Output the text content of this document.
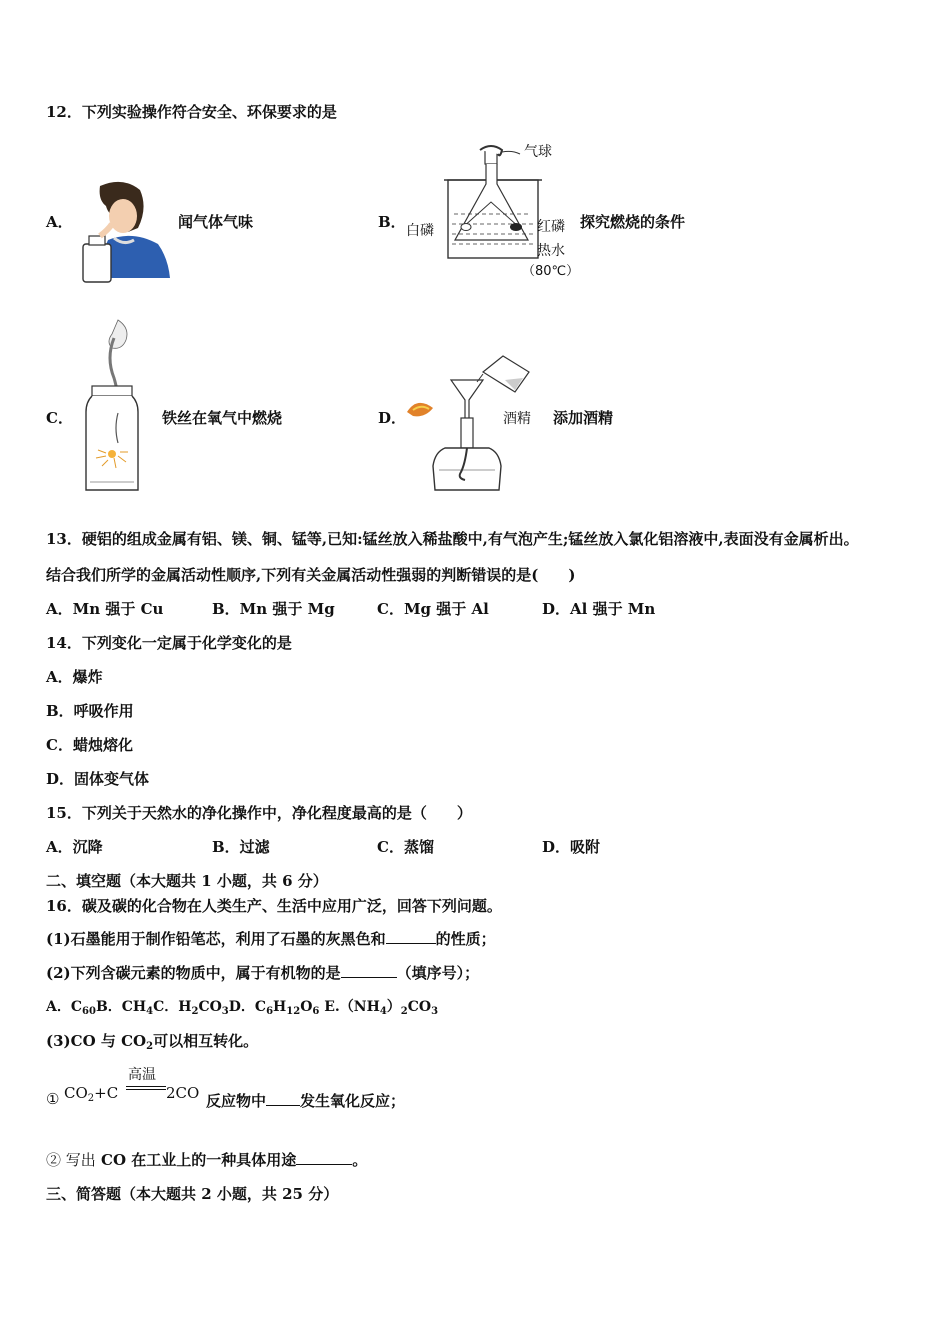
12．下列实验操作符合安全、环保要求的是
A．	闻气体气味	B．
气球
白磷	红磷
热水
（80℃）
探究燃烧的条件
C．	铁丝在氧气中燃烧	D．	酒精 添加酒精
13．硬铝的组成金属有铝、镁、铜、锰等,已知:锰丝放入稀盐酸中,有气泡产生;锰丝放入氯化铝溶液中,表面没有金属析出。
结合我们所学的金属活动性顺序,下列有关金属活动性强弱的判断错误的是(　　)
A．Mn 强于 Cu	B．Mn 强于 Mg	C．Mg 强于 Al	D．Al 强于 Mn
14．下列变化一定属于化学变化的是
A．爆炸
B．呼吸作用
C．蜡烛熔化
D．固体变气体
15．下列关于天然水的净化操作中，净化程度最高的是（　　）
A．沉降	B．过滤	C．蒸馏	D．吸附
二、填空题（本大题共 1 小题，共 6 分）
16．碳及碳的化合物在人类生产、生活中应用广泛，回答下列问题。
(1)石墨能用于制作铅笔芯，利用了石墨的灰黑色和	的性质；
(2)下列含碳元素的物质中，属于有机物的是	（填序号）；
A．$C_{60}B$．$CH_4C$．$H_2CO_3D$．$C_6H_{12}O_6$ $E.(NH_4)_2CO_3$
(3)CO 与 $CO_2$可以相互转化。
① $CO_2+C$
高温
2CO 反应物中 发生氧化反应；
② 写出 CO 在工业上的一种具体用途	。
三、简答题（本大题共 2 小题，共 25 分）
